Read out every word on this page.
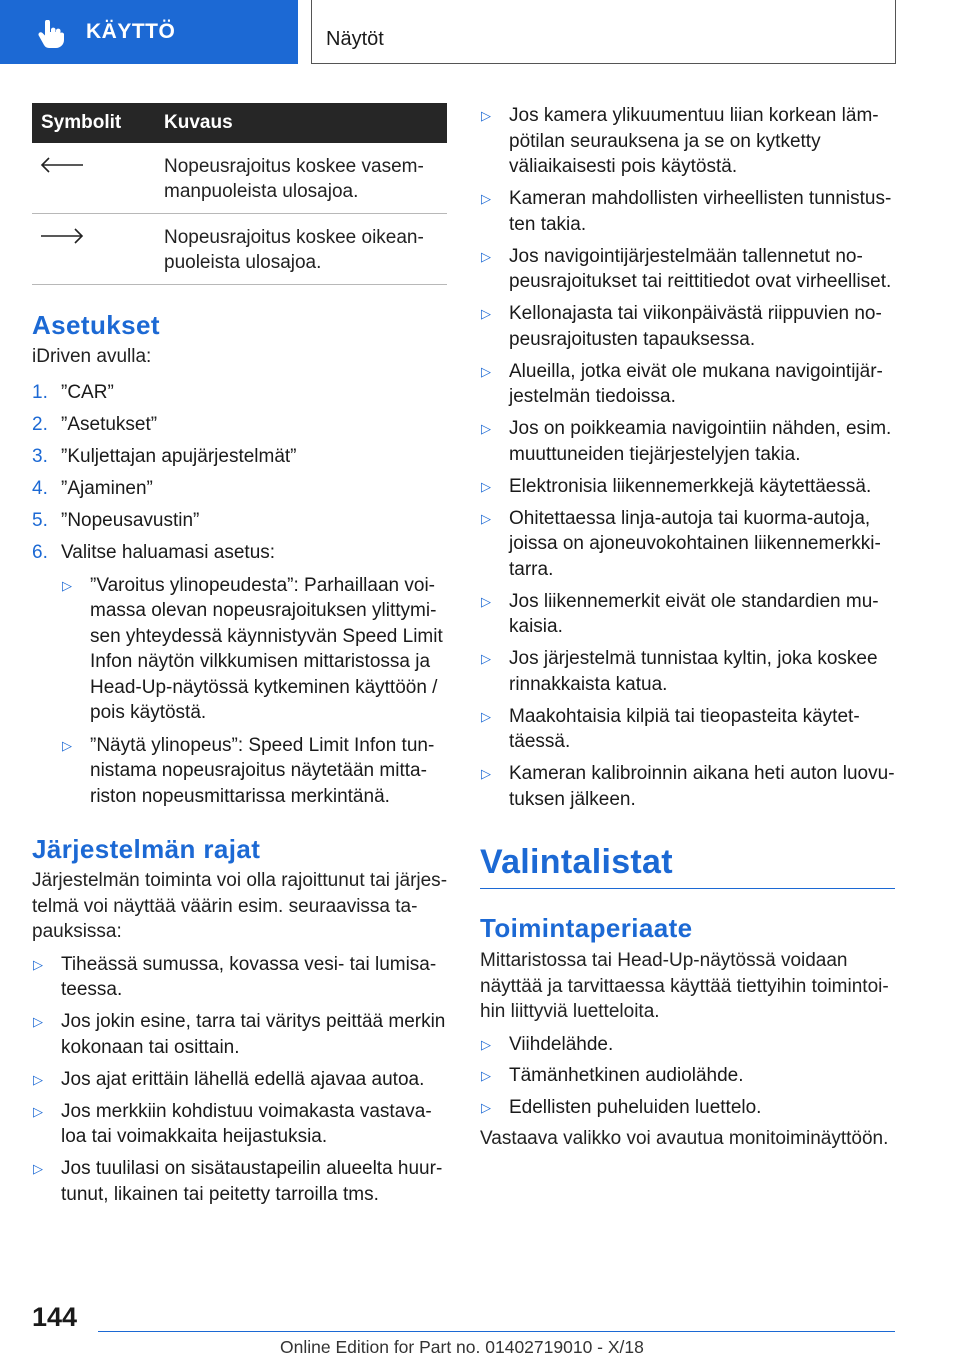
KÄYTTÖ	Näytöt
Symbolit	Kuvaus
Nopeusrajoitus koskee vasemmanpuoleista ulosajoa.
Nopeusrajoitus koskee oikeanpuoleista ulosajoa.
Asetukset
iDriven avulla:
1. ”CAR”
2. ”Asetukset”
3. ”Kuljettajan apujärjestelmät”
4. ”Ajaminen”
5. ”Nopeusavustin”
6. Valitse haluamasi asetus:
▷ ”Varoitus ylinopeudesta”: Parhaillaan voimassa olevan nopeusrajoituksen ylittymisen yhteydessä käynnistyvän Speed Limit Infon näytön vilkkumisen mittaristossa ja Head-Up-näytössä kytkeminen käyttöön / pois käytöstä.
▷ ”Näytä ylinopeus”: Speed Limit Infon tunnistama nopeusrajoitus näytetään mittariston nopeusmittarissa merkintänä.
Järjestelmän rajat
Järjestelmän toiminta voi olla rajoittunut tai järjestelmä voi näyttää väärin esim. seuraavissa tapauksissa:
▷ Tiheässä sumussa, kovassa vesi- tai lumisateessa.
▷ Jos jokin esine, tarra tai väritys peittää merkin kokonaan tai osittain.
▷ Jos ajat erittäin lähellä edellä ajavaa autoa.
▷ Jos merkkiin kohdistuu voimakasta vastavaloa tai voimakkaita heijastuksia.
▷ Jos tuulilasi on sisätaustapeilin alueelta huurtunut, likainen tai peitetty tarroilla tms.
▷ Jos kamera ylikuumentuu liian korkean lämpötilan seurauksena ja se on kytketty väliaikaisesti pois käytöstä.
▷ Kameran mahdollisten virheellisten tunnistusten takia.
▷ Jos navigointijärjestelmään tallennetut nopeusrajoitukset tai reittitiedot ovat virheelliset.
▷ Kellonajasta tai viikonpäivästä riippuvien nopeusrajoitusten tapauksessa.
▷ Alueilla, jotka eivät ole mukana navigointijärjestelmän tiedoissa.
▷ Jos on poikkeamia navigointiin nähden, esim. muuttuneiden tiejärjestelyjen takia.
▷ Elektronisia liikennemerkkejä käytettäessä.
▷ Ohitettaessa linja-autoja tai kuorma-autoja, joissa on ajoneuvokohtainen liikennemerkkitarra.
▷ Jos liikennemerkit eivät ole standardien mukaisia.
▷ Jos järjestelmä tunnistaa kyltin, joka koskee rinnakkaista katua.
▷ Maakohtaisia kilpiä tai tieopasteita käytettäessä.
▷ Kameran kalibroinnin aikana heti auton luovutuksen jälkeen.
Valintalistat
Toimintaperiaate
Mittaristossa tai Head-Up-näytössä voidaan näyttää ja tarvittaessa käyttää tiettyihin toimintoihin liittyviä luetteloita.
▷ Viihdelähde.
▷ Tämänhetkinen audiolähde.
▷ Edellisten puheluiden luettelo.
Vastaava valikko voi avautua monitoiminäyttöön.
144
Online Edition for Part no. 01402719010 - X/18
